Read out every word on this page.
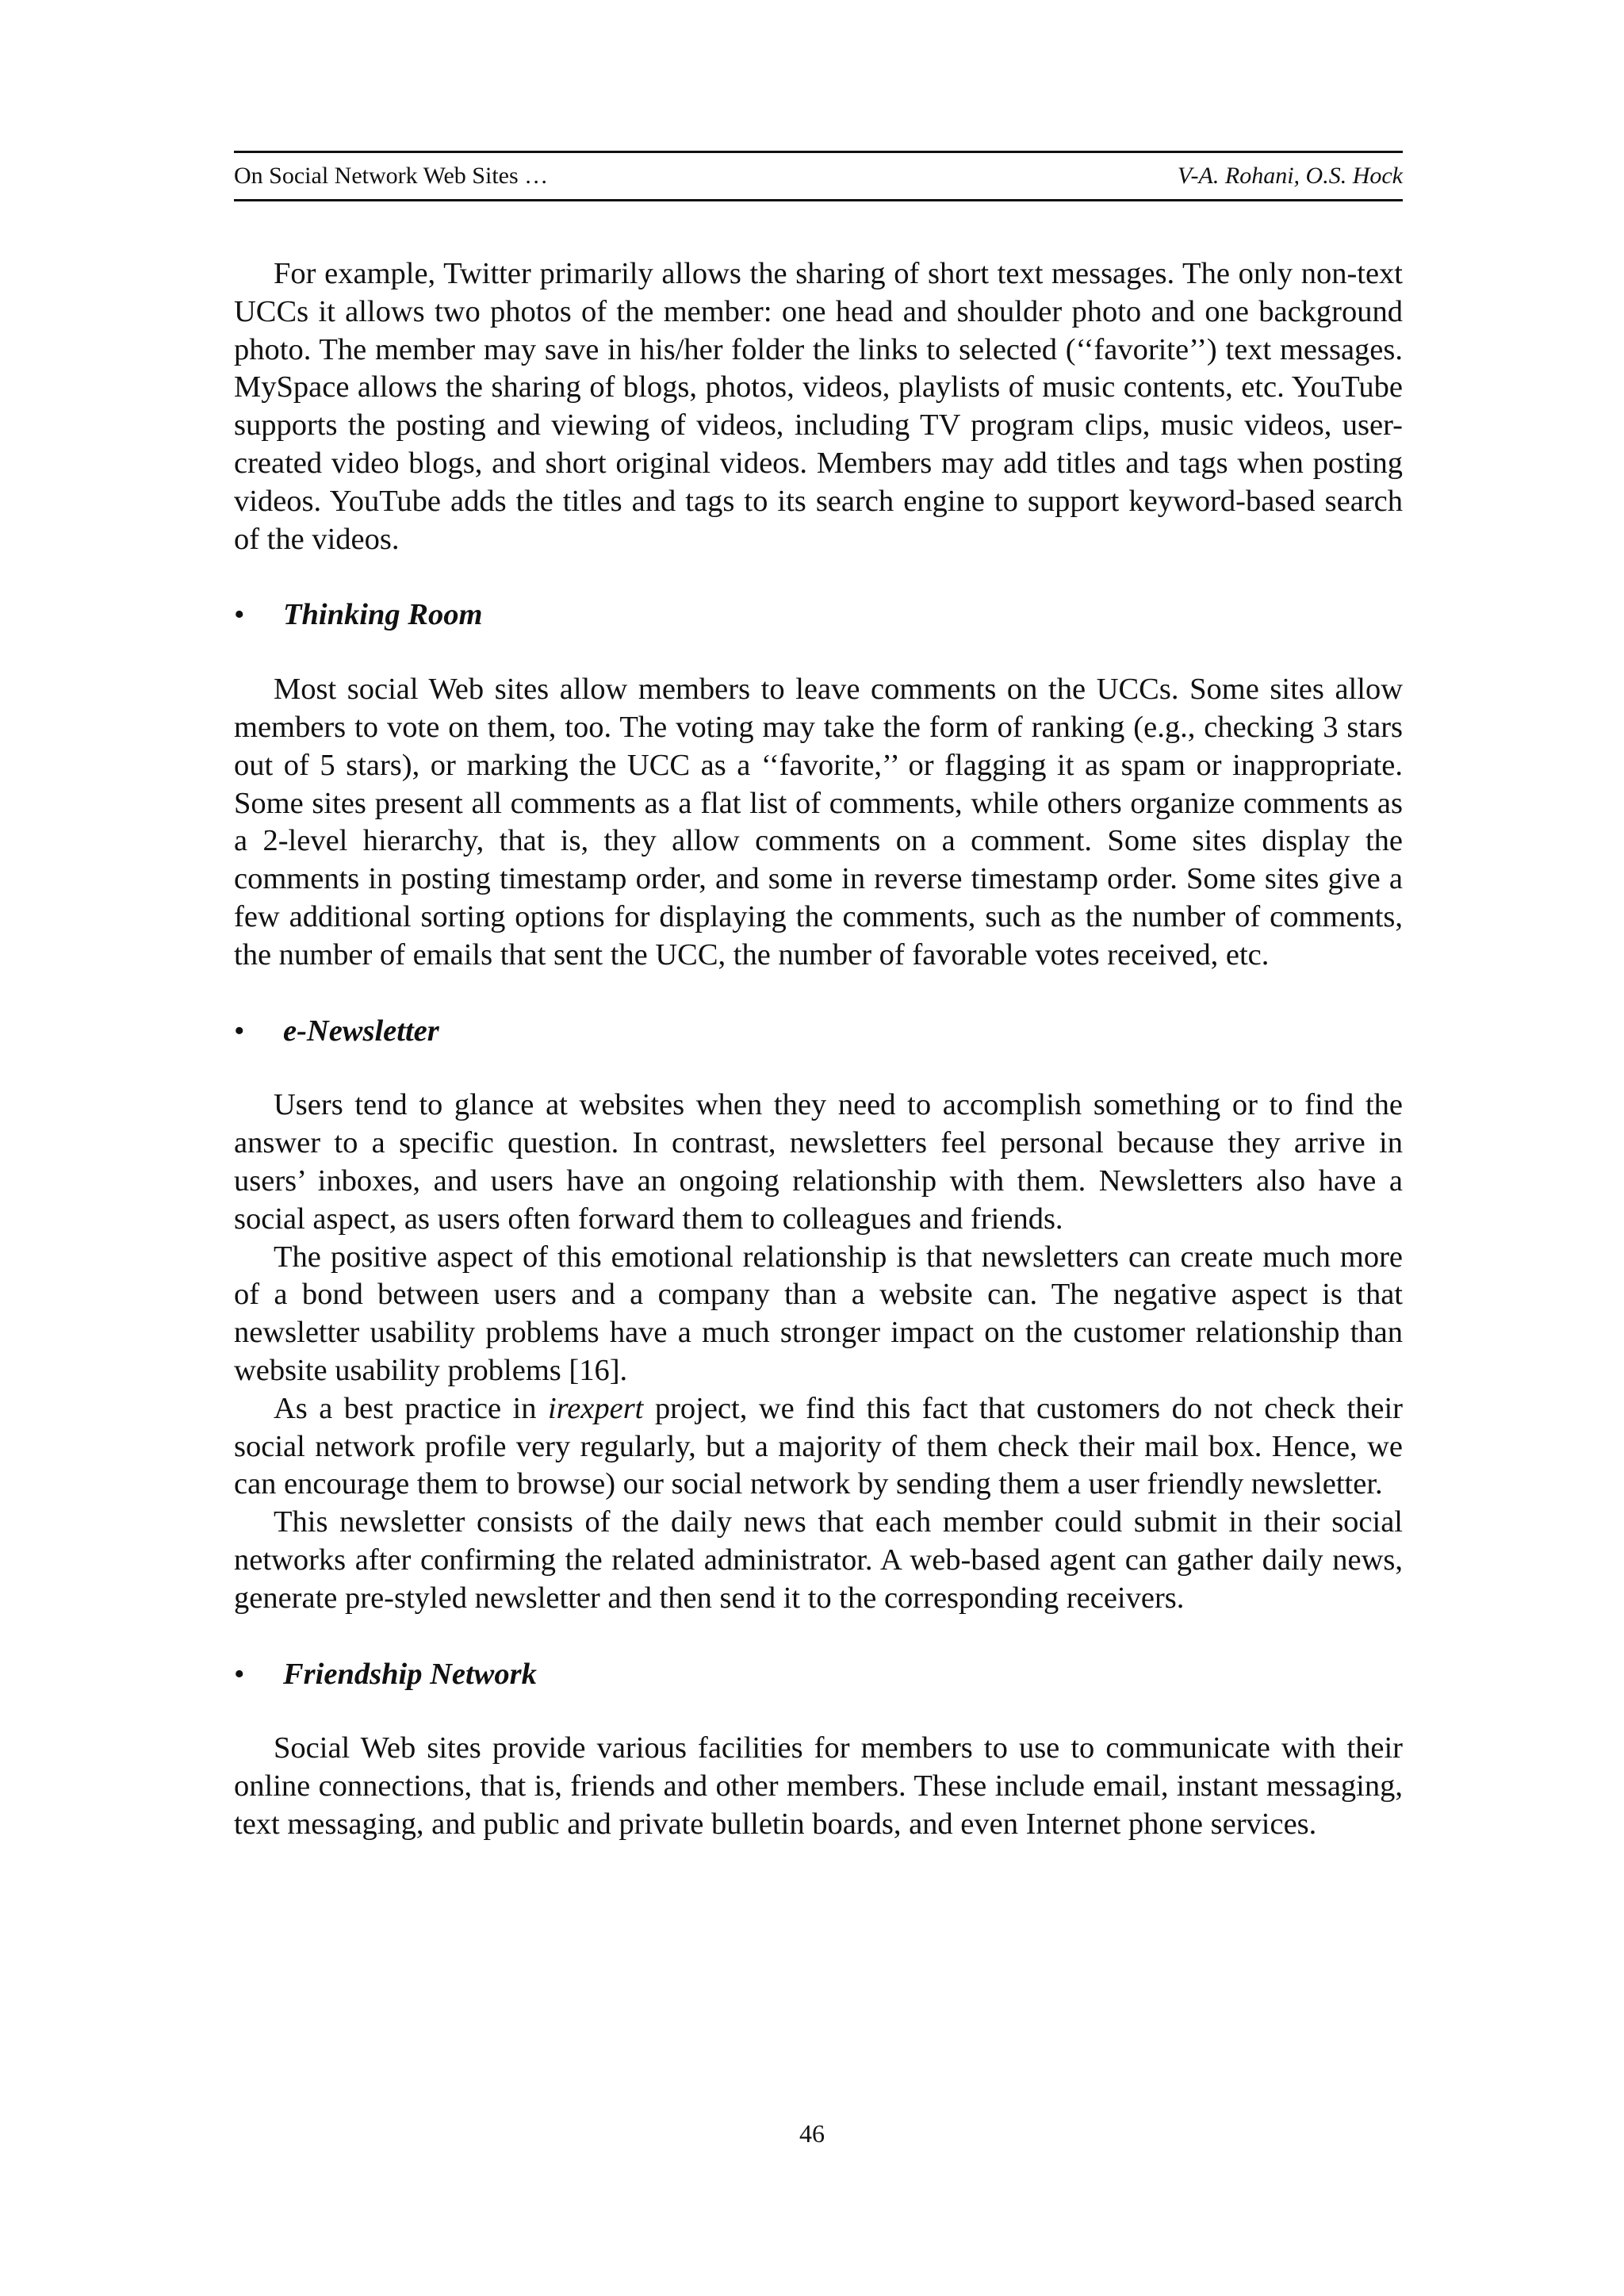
On Social Network Web Sites …	V-A. Rohani, O.S. Hock

For example, Twitter primarily allows the sharing of short text messages. The only non-text UCCs it allows two photos of the member: one head and shoulder photo and one background photo. The member may save in his/her folder the links to selected (‘‘favorite’’) text messages. MySpace allows the sharing of blogs, photos, videos, playlists of music contents, etc. YouTube supports the posting and viewing of videos, including TV program clips, music videos, user-created video blogs, and short original videos. Members may add titles and tags when posting videos. YouTube adds the titles and tags to its search engine to support keyword-based search of the videos.

•	Thinking Room

Most social Web sites allow members to leave comments on the UCCs. Some sites allow members to vote on them, too. The voting may take the form of ranking (e.g., checking 3 stars out of 5 stars), or marking the UCC as a ‘‘favorite,’’ or flagging it as spam or inappropriate. Some sites present all comments as a flat list of comments, while others organize comments as a 2-level hierarchy, that is, they allow comments on a comment. Some sites display the comments in posting timestamp order, and some in reverse timestamp order. Some sites give a few additional sorting options for displaying the comments, such as the number of comments, the number of emails that sent the UCC, the number of favorable votes received, etc.

•	e-Newsletter

Users tend to glance at websites when they need to accomplish something or to find the answer to a specific question. In contrast, newsletters feel personal because they arrive in users’ inboxes, and users have an ongoing relationship with them. Newsletters also have a social aspect, as users often forward them to colleagues and friends.

The positive aspect of this emotional relationship is that newsletters can create much more of a bond between users and a company than a website can. The negative aspect is that newsletter usability problems have a much stronger impact on the customer relationship than website usability problems [16].

As a best practice in irexpert project, we find this fact that customers do not check their social network profile very regularly, but a majority of them check their mail box. Hence, we can encourage them to browse) our social network by sending them a user friendly newsletter.

This newsletter consists of the daily news that each member could submit in their social networks after confirming the related administrator. A web-based agent can gather daily news, generate pre-styled newsletter and then send it to the corresponding receivers.

•	Friendship Network

Social Web sites provide various facilities for members to use to communicate with their online connections, that is, friends and other members. These include email, instant messaging, text messaging, and public and private bulletin boards, and even Internet phone services.

46
